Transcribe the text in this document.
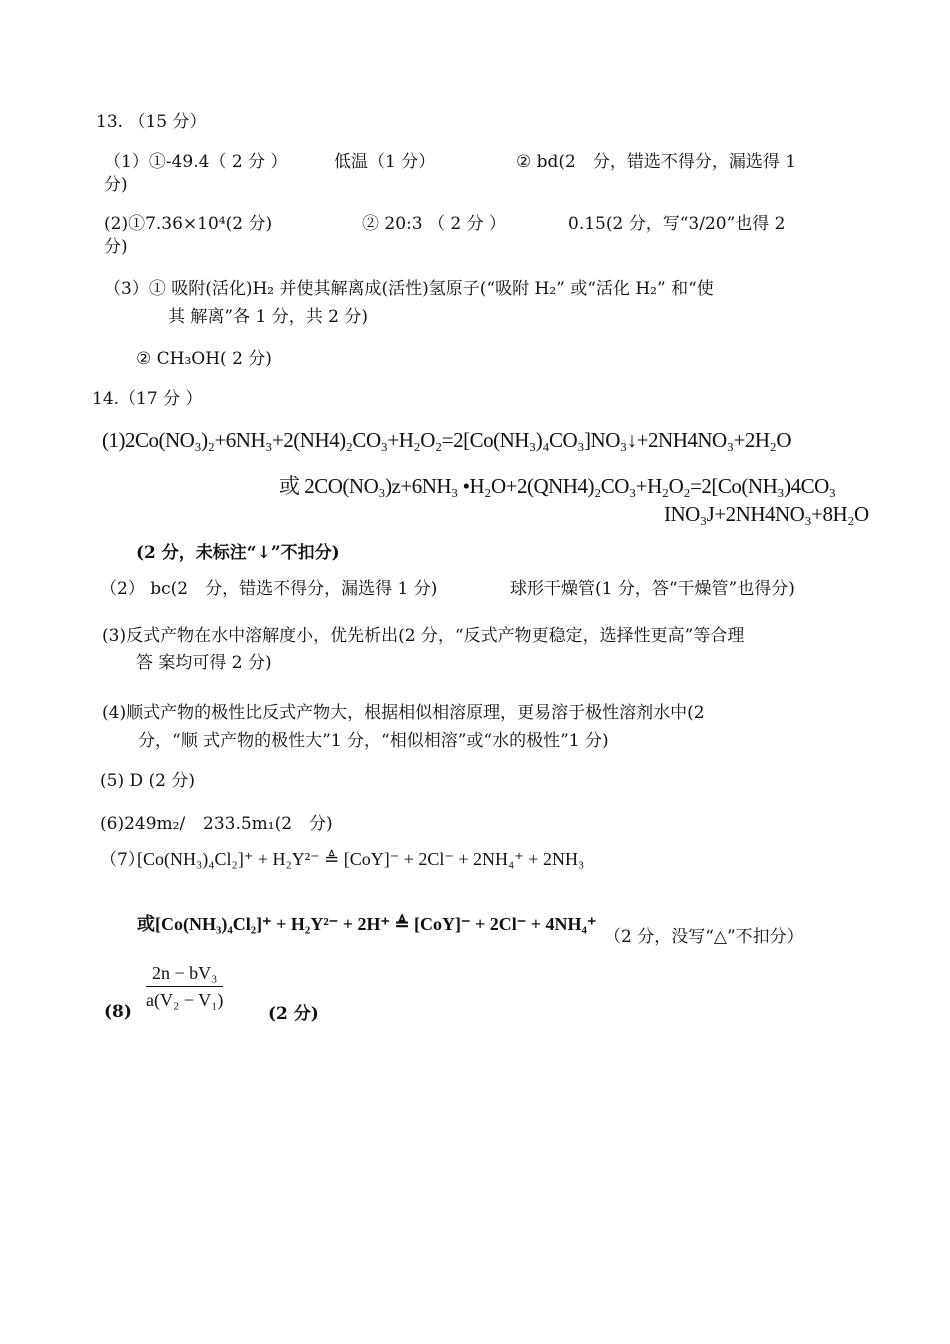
13. （15 分）
（1）①-49.4（ 2 分 ）	低温（1 分）	② bd(2　分，错选不得分，漏选得 1
分)
(2)①7.36×10⁴(2 分)	② 20:3 （ 2 分 ）	0.15(2 分，写“3/20”也得 2
分)
（3）① 吸附(活化)H₂ 并使其解离成(活性)氢原子(“吸附 H₂” 或“活化 H₂” 和“使
其 解离”各 1 分，共 2 分)
② CH₃OH( 2 分)
14.（17 分 ）
(1)2Co(NO₃)₂+6NH₃+2(NH4)₂CO₃+H₂O₂=2[Co(NH₃)₄CO₃]NO₃↓+2NH4NO₃+2H₂O
或 2CO(NO₃)z+6NH₃ •H₂O+2(QNH4)₂CO₃+H₂O₂=2[Co(NH₃)4CO₃
INO₃J+2NH4NO₃+8H₂O
(2 分，未标注“↓”不扣分)
（2） bc(2　分，错选不得分，漏选得 1 分)	球形干燥管(1 分，答“干燥管”也得分)
(3)反式产物在水中溶解度小，优先析出(2 分，“反式产物更稳定，选择性更高”等合理
答 案均可得 2 分)
(4)顺式产物的极性比反式产物大，根据相似相溶原理，更易溶于极性溶剂水中(2
分，“顺 式产物的极性大”1 分，“相似相溶”或“水的极性”1 分)
(5) D (2 分)
(6)249m₂/ 233.5m₁(2　分)
（7）
[Co(NH₃)₄Cl₂]⁺ + H₂Y²⁻ ≜ [CoY]⁻ + 2Cl⁻ + 2NH₄⁺ + 2NH₃
或[Co(NH₃)₄Cl₂]⁺ + H₂Y²⁻ + 2H⁺ ≜ [CoY]⁻ + 2Cl⁻ + 4NH₄⁺
（2 分，没写“△”不扣分）
(8)
$\frac{\text{2n − bV₃}}{\text{a(V₂ − V₁)}}$
(2 分)
